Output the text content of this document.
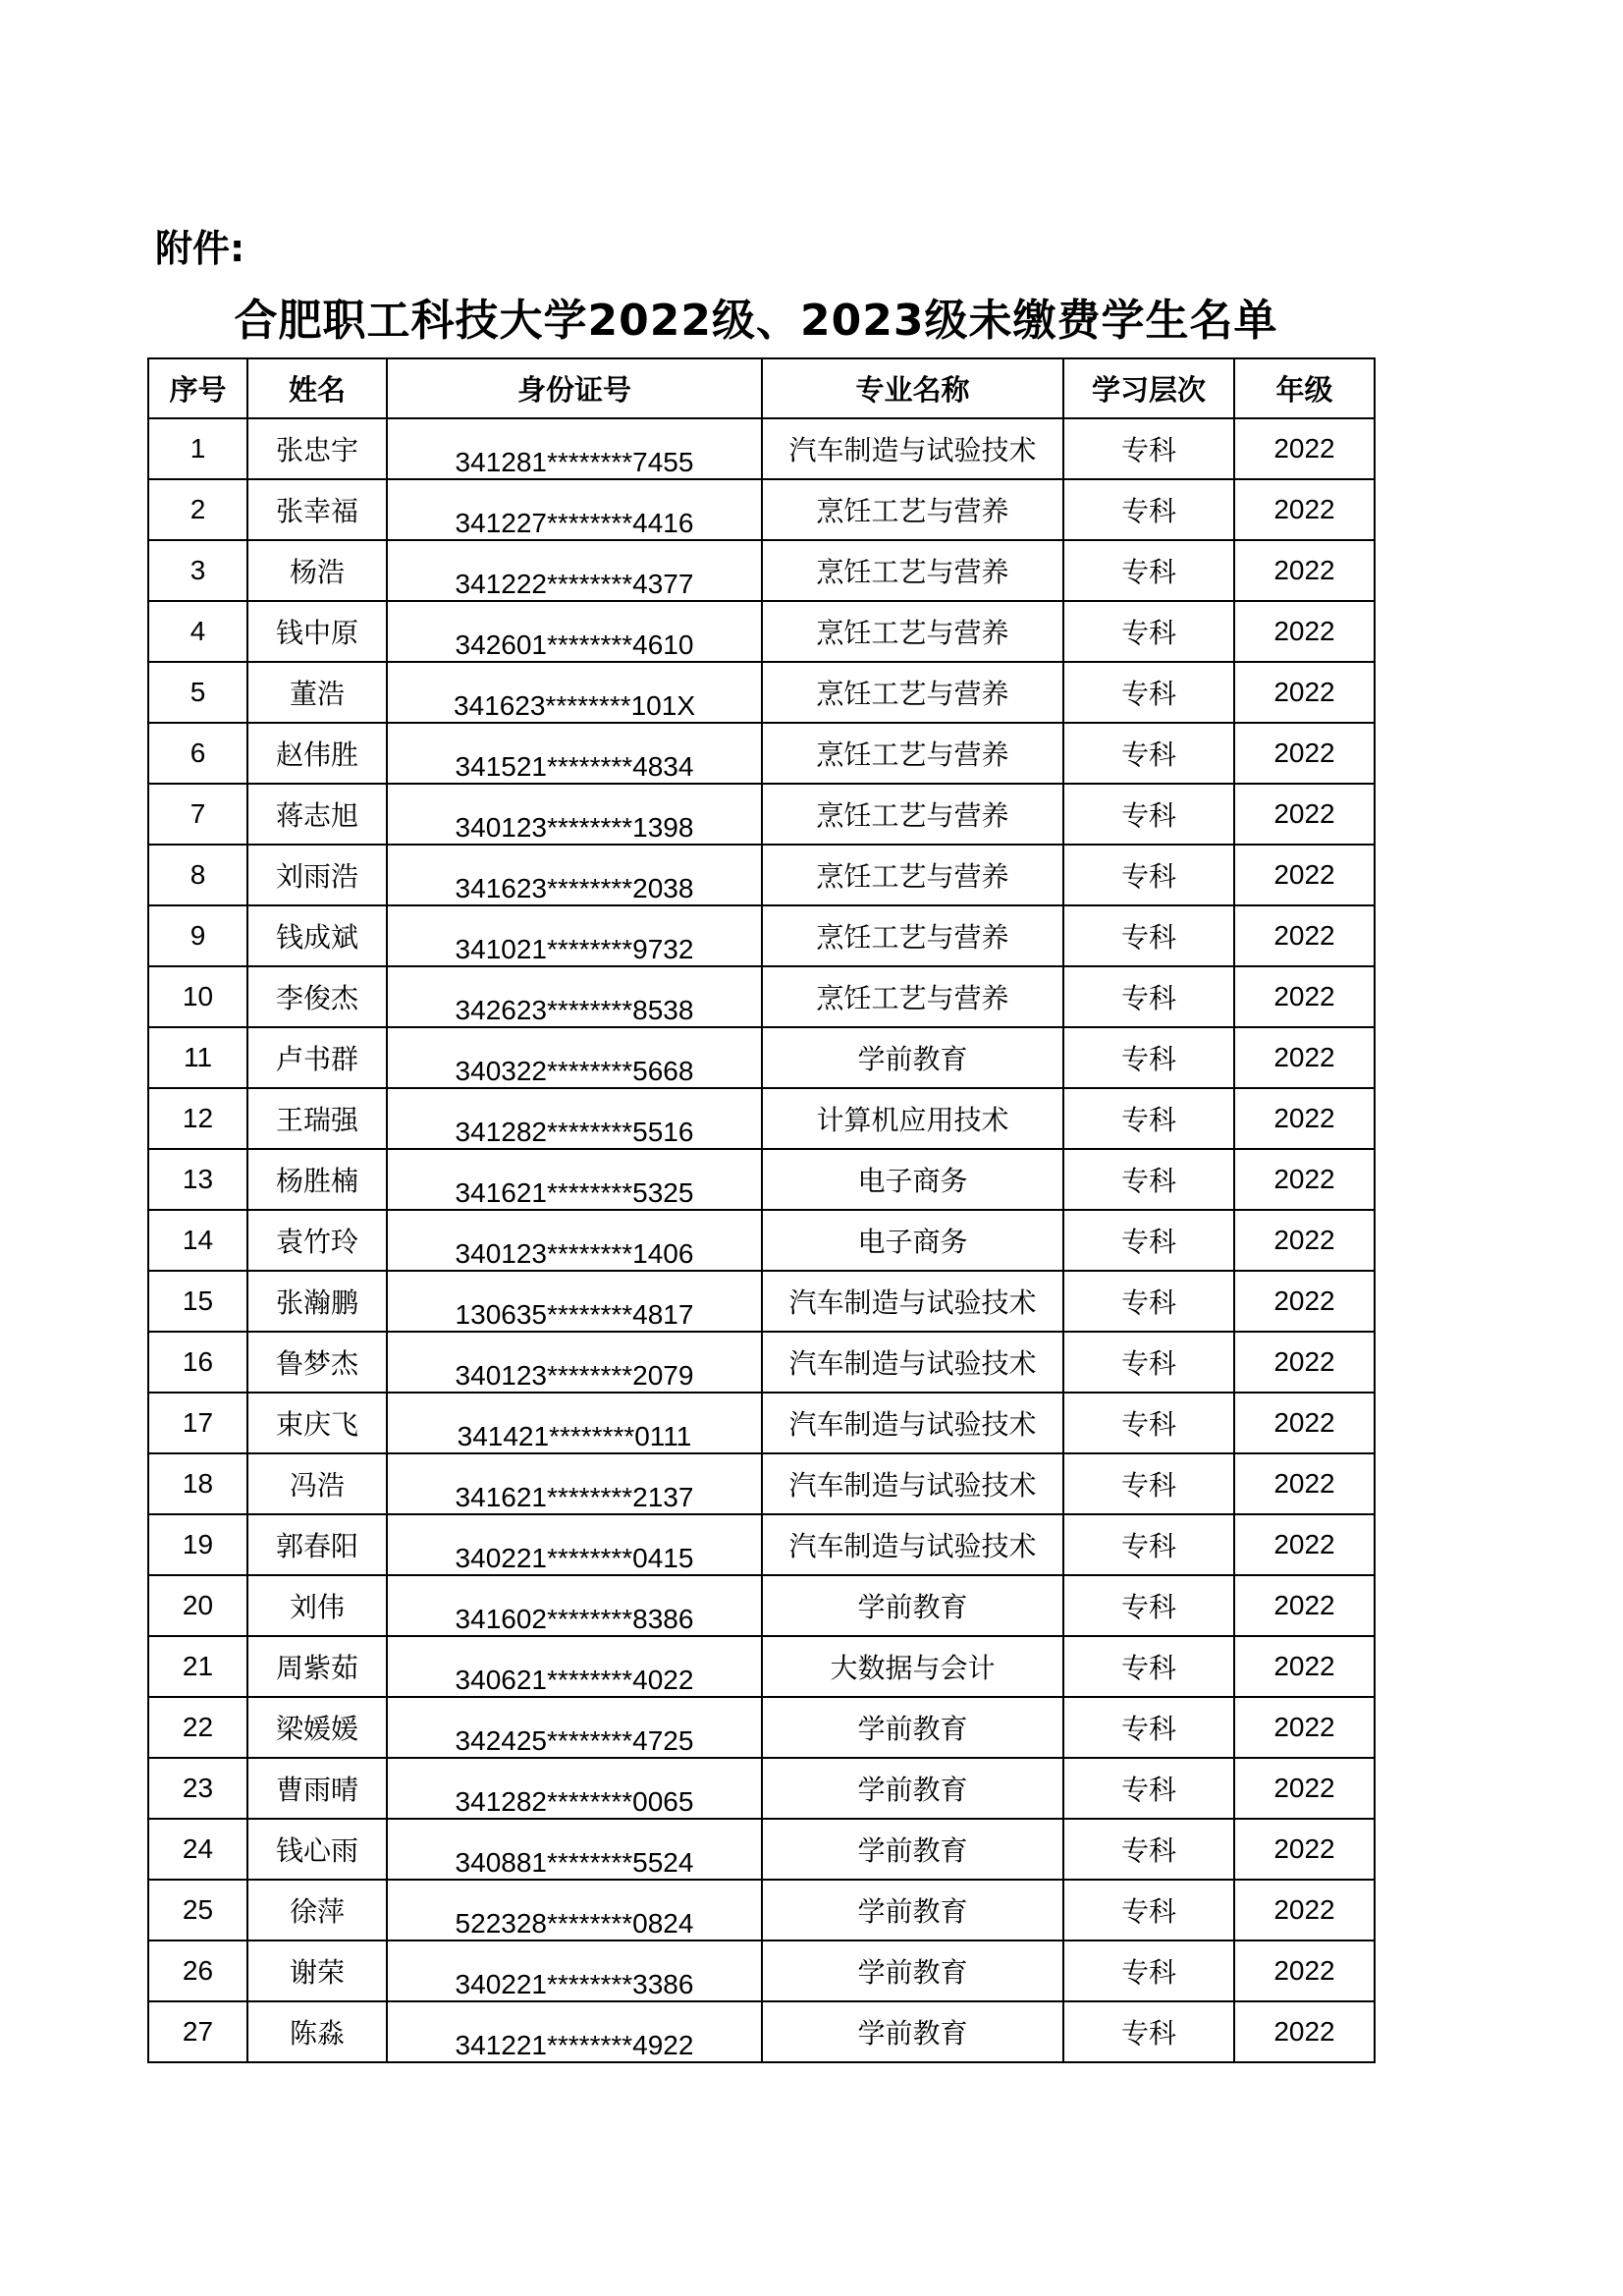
附件:
合肥职工科技大学2022级、2023级未缴费学生名单
序号	姓名	身份证号	专业名称	学习层次	年级
1	张忠宇	341281********7455	汽车制造与试验技术	专科	2022
2	张幸福	341227********4416	烹饪工艺与营养	专科	2022
3	杨浩	341222********4377	烹饪工艺与营养	专科	2022
4	钱中原	342601********4610	烹饪工艺与营养	专科	2022
5	董浩	341623********101X	烹饪工艺与营养	专科	2022
6	赵伟胜	341521********4834	烹饪工艺与营养	专科	2022
7	蒋志旭	340123********1398	烹饪工艺与营养	专科	2022
8	刘雨浩	341623********2038	烹饪工艺与营养	专科	2022
9	钱成斌	341021********9732	烹饪工艺与营养	专科	2022
10	李俊杰	342623********8538	烹饪工艺与营养	专科	2022
11	卢书群	340322********5668	学前教育	专科	2022
12	王瑞强	341282********5516	计算机应用技术	专科	2022
13	杨胜楠	341621********5325	电子商务	专科	2022
14	袁竹玲	340123********1406	电子商务	专科	2022
15	张瀚鹏	130635********4817	汽车制造与试验技术	专科	2022
16	鲁梦杰	340123********2079	汽车制造与试验技术	专科	2022
17	束庆飞	341421********0111	汽车制造与试验技术	专科	2022
18	冯浩	341621********2137	汽车制造与试验技术	专科	2022
19	郭春阳	340221********0415	汽车制造与试验技术	专科	2022
20	刘伟	341602********8386	学前教育	专科	2022
21	周紫茹	340621********4022	大数据与会计	专科	2022
22	梁媛媛	342425********4725	学前教育	专科	2022
23	曹雨晴	341282********0065	学前教育	专科	2022
24	钱心雨	340881********5524	学前教育	专科	2022
25	徐萍	522328********0824	学前教育	专科	2022
26	谢荣	340221********3386	学前教育	专科	2022
27	陈淼	341221********4922	学前教育	专科	2022
